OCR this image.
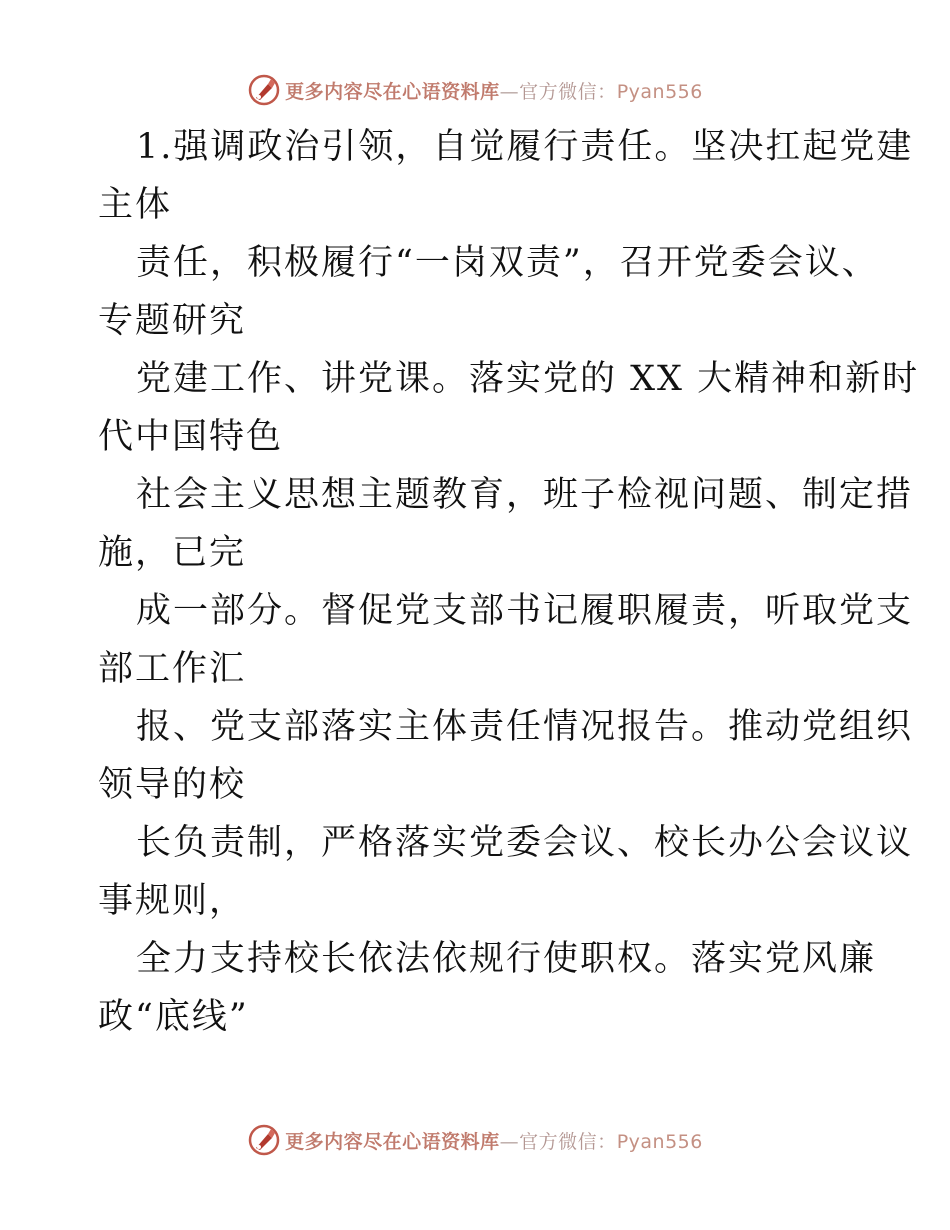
更多内容尽在心语资料库—官方微信：Pyan556
1.强调政治引领，自觉履行责任。坚决扛起党建
主体
责任，积极履行“一岗双责”，召开党委会议、
专题研究
党建工作、讲党课。落实党的 XX 大精神和新时
代中国特色
社会主义思想主题教育，班子检视问题、制定措
施，已完
成一部分。督促党支部书记履职履责，听取党支
部工作汇
报、党支部落实主体责任情况报告。推动党组织
领导的校
长负责制，严格落实党委会议、校长办公会议议
事规则，
全力支持校长依法依规行使职权。落实党风廉
政“底线”
更多内容尽在心语资料库—官方微信：Pyan556
